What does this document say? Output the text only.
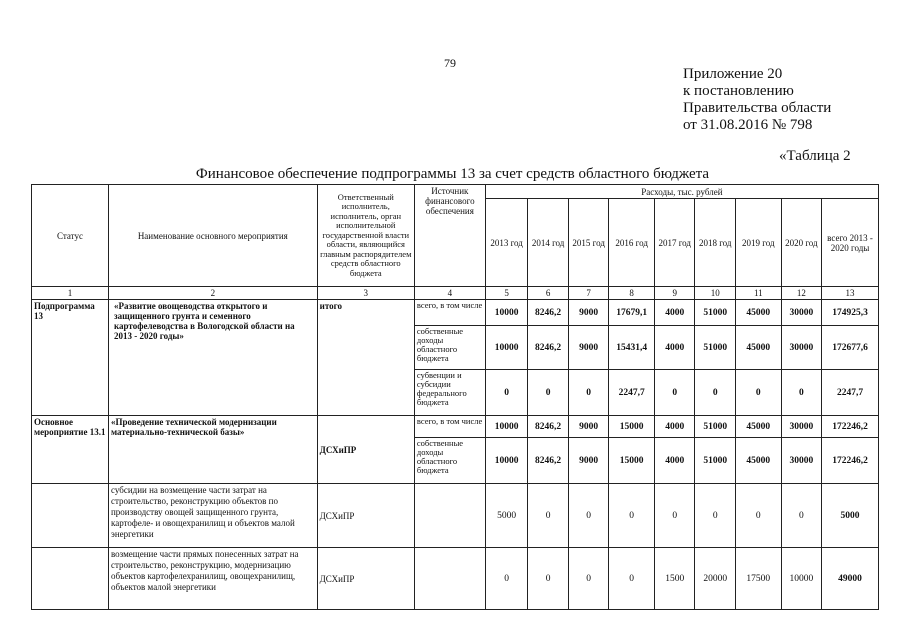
79
Приложение 20
к постановлению
Правительства области
от 31.08.2016 № 798
«Таблица 2
Финансовое обеспечение подпрограммы 13 за счет средств областного бюджета
Статус	Наименование основного мероприятия	Ответственный исполнитель, исполнитель, орган исполнительной государственной власти области, являющийся главным распорядителем средств областного бюджета	Источник финансового обеспечения	Расходы, тыс. рублей								
				2013 год	2014 год	2015 год	2016 год	2017 год	2018 год	2019 год	2020 год	всего 2013 - 2020 годы
1	2	3	4	5	6	7	8	9	10	11	12	13
Подпрограмма 13	«Развитие овощеводства открытого и защищенного грунта и семенного картофелеводства в Вологодской области на 2013 - 2020 годы»	итого	всего, в том числе	10000	8246,2	9000	17679,1	4000	51000	45000	30000	174925,3
			собственные доходы областного бюджета	10000	8246,2	9000	15431,4	4000	51000	45000	30000	172677,6
			субвенции и субсидии федерального бюджета	0	0	0	2247,7	0	0	0	0	2247,7
Основное мероприятие 13.1	«Проведение технической модернизации материально-технической базы»	ДСХиПР	всего, в том числе	10000	8246,2	9000	15000	4000	51000	45000	30000	172246,2
			собственные доходы областного бюджета	10000	8246,2	9000	15000	4000	51000	45000	30000	172246,2
	субсидии на возмещение части затрат на строительство, реконструкцию объектов по производству овощей защищенного грунта, картофеле- и овощехранилищ и объектов малой энергетики	ДСХиПР		5000	0	0	0	0	0	0	0	5000
	возмещение части прямых понесенных затрат на строительство, реконструкцию, модернизацию объектов картофелехранилищ, овощехранилищ, объектов малой энергетики	ДСХиПР		0	0	0	0	1500	20000	17500	10000	49000
